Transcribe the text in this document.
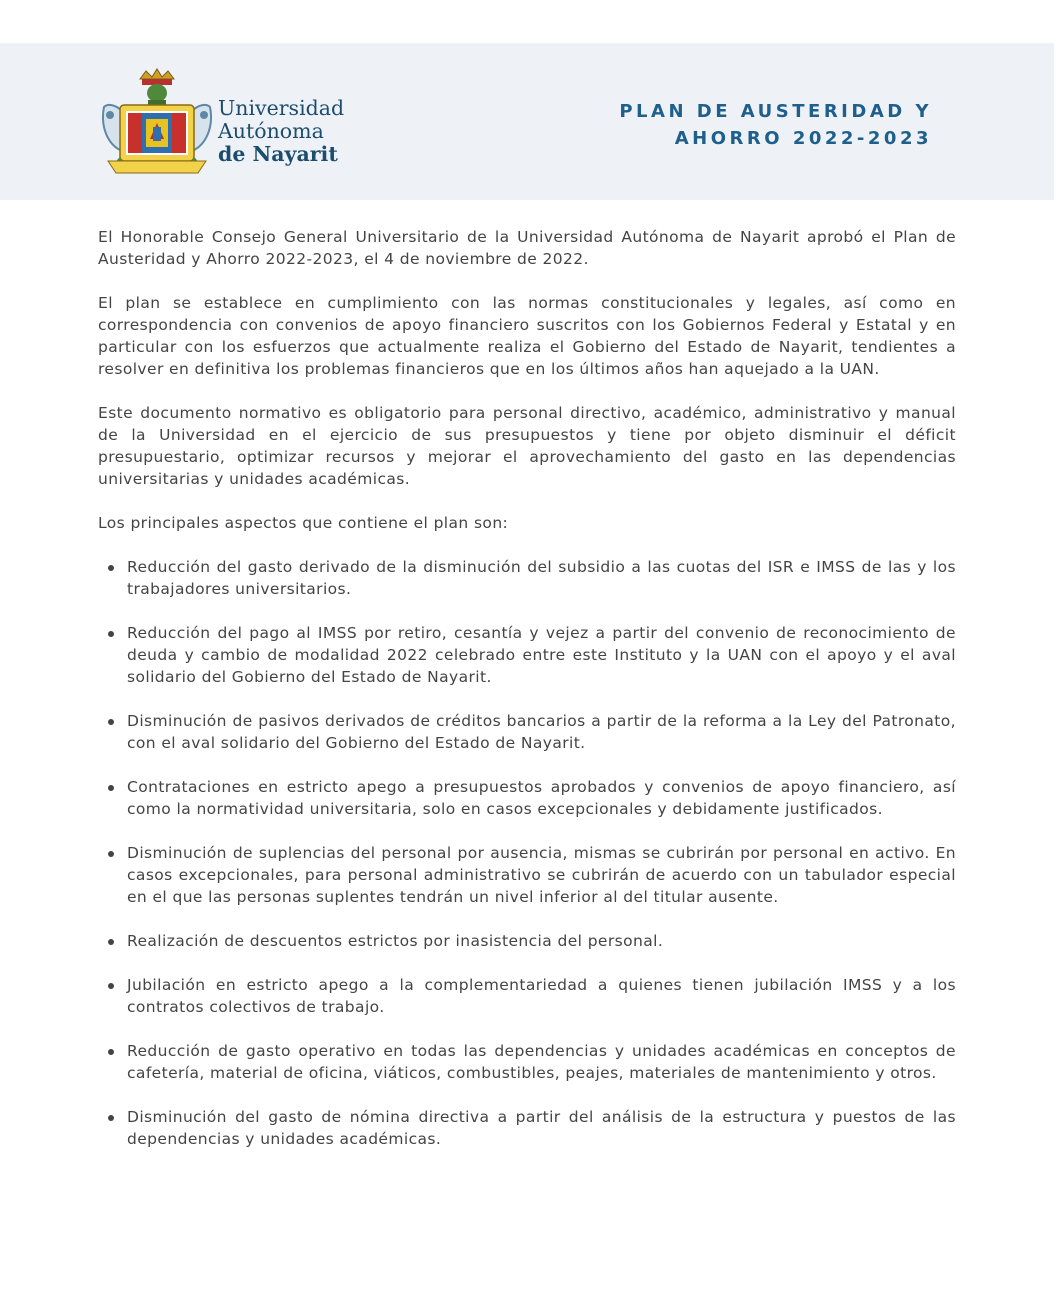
Universidad
Autónoma
de Nayarit
PLAN DE AUSTERIDAD Y
AHORRO 2022-2023

El Honorable Consejo General Universitario de la Universidad Autónoma de Nayarit aprobó el Plan de Austeridad y Ahorro 2022-2023, el 4 de noviembre de 2022.

El plan se establece en cumplimiento con las normas constitucionales y legales, así como en correspondencia con convenios de apoyo financiero suscritos con los Gobiernos Federal y Estatal y en particular con los esfuerzos que actualmente realiza el Gobierno del Estado de Nayarit, tendientes a resolver en definitiva los problemas financieros que en los últimos años han aquejado a la UAN.

Este documento normativo es obligatorio para personal directivo, académico, administrativo y manual de la Universidad en el ejercicio de sus presupuestos y tiene por objeto disminuir el déficit presupuestario, optimizar recursos y mejorar el aprovechamiento del gasto en las dependencias universitarias y unidades académicas.

Los principales aspectos que contiene el plan son:

Reducción del gasto derivado de la disminución del subsidio a las cuotas del ISR e IMSS de las y los trabajadores universitarios.
Reducción del pago al IMSS por retiro, cesantía y vejez a partir del convenio de reconocimiento de deuda y cambio de modalidad 2022 celebrado entre este Instituto y la UAN con el apoyo y el aval solidario del Gobierno del Estado de Nayarit.
Disminución de pasivos derivados de créditos bancarios a partir de la reforma a la Ley del Patronato, con el aval solidario del Gobierno del Estado de Nayarit.
Contrataciones en estricto apego a presupuestos aprobados y convenios de apoyo financiero, así como la normatividad universitaria, solo en casos excepcionales y debidamente justificados.
Disminución de suplencias del personal por ausencia, mismas se cubrirán por personal en activo. En casos excepcionales, para personal administrativo se cubrirán de acuerdo con un tabulador especial en el que las personas suplentes tendrán un nivel inferior al del titular ausente.
Realización de descuentos estrictos por inasistencia del personal.
Jubilación en estricto apego a la complementariedad a quienes tienen jubilación IMSS y a los contratos colectivos de trabajo.
Reducción de gasto operativo en todas las dependencias y unidades académicas en conceptos de cafetería, material de oficina, viáticos, combustibles, peajes, materiales de mantenimiento y otros.
Disminución del gasto de nómina directiva a partir del análisis de la estructura y puestos de las dependencias y unidades académicas.
